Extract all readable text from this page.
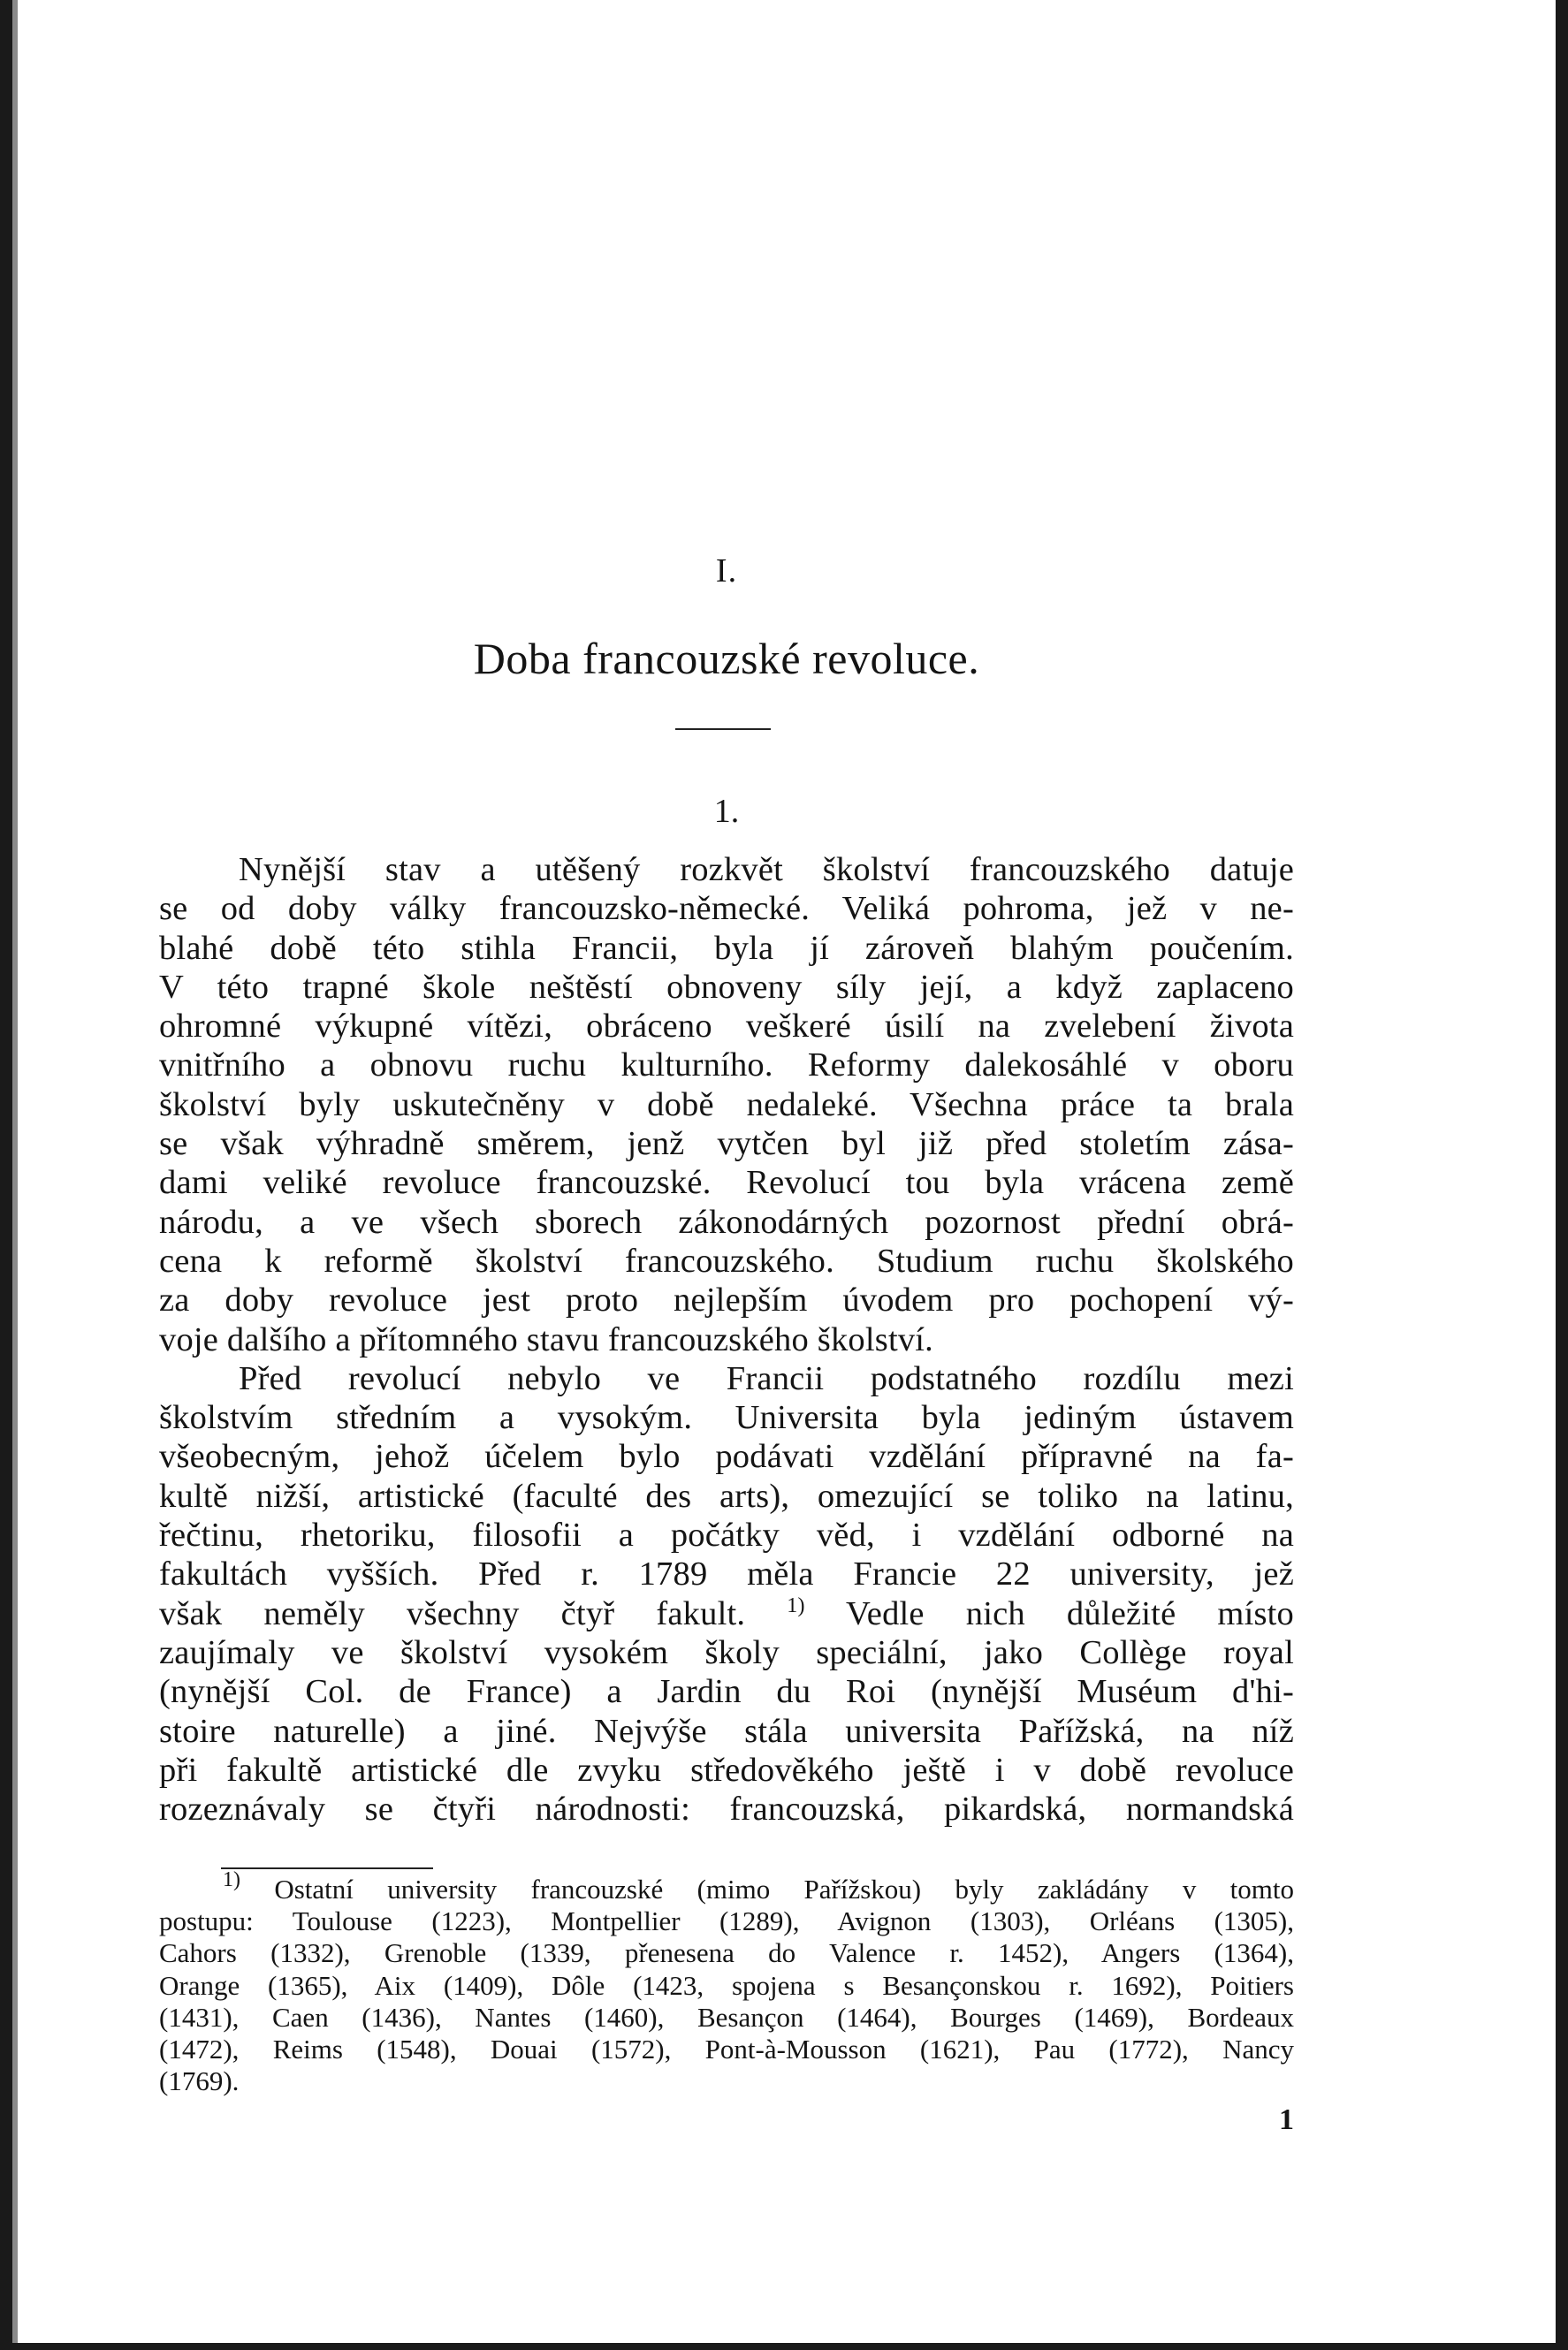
I.
Doba francouzské revoluce.
1.
Nynější stav a utěšený rozkvět školství francouzského datuje
se od doby války francouzsko-německé. Veliká pohroma, jež v ne-
blahé době této stihla Francii, byla jí zároveň blahým poučením.
V této trapné škole neštěstí obnoveny síly její, a když zaplaceno
ohromné výkupné vítězi, obráceno veškeré úsilí na zvelebení života
vnitřního a obnovu ruchu kulturního. Reformy dalekosáhlé v oboru
školství byly uskutečněny v době nedaleké. Všechna práce ta brala
se však výhradně směrem, jenž vytčen byl již před stoletím zása-
dami veliké revoluce francouzské. Revolucí tou byla vrácena země
národu, a ve všech sborech zákonodárných pozornost přední obrá-
cena k reformě školství francouzského. Studium ruchu školského
za doby revoluce jest proto nejlepším úvodem pro pochopení vý-
voje dalšího a přítomného stavu francouzského školství.
Před revolucí nebylo ve Francii podstatného rozdílu mezi
školstvím středním a vysokým. Universita byla jediným ústavem
všeobecným, jehož účelem bylo podávati vzdělání přípravné na fa-
kultě nižší, artistické (faculté des arts), omezující se toliko na latinu,
řečtinu, rhetoriku, filosofii a počátky věd, i vzdělání odborné na
fakultách vyšších. Před r. 1789 měla Francie 22 university, jež
však neměly všechny čtyř fakult. $^{1)}$ Vedle nich důležité místo
zaujímaly ve školství vysokém školy speciální, jako Collège royal
(nynější Col. de France) a Jardin du Roi (nynější Muséum d'hi-
stoire naturelle) a jiné. Nejvýše stála universita Pařížská, na níž
při fakultě artistické dle zvyku středověkého ještě i v době revoluce
rozeznávaly se čtyři národnosti: francouzská, pikardská, normandská
$^{1)}$ Ostatní university francouzské (mimo Pařížskou) byly zakládány v tomto
postupu: Toulouse (1223), Montpellier (1289), Avignon (1303), Orléans (1305),
Cahors (1332), Grenoble (1339, přenesena do Valence r. 1452), Angers (1364),
Orange (1365), Aix (1409), Dôle (1423, spojena s Besançonskou r. 1692), Poitiers
(1431), Caen (1436), Nantes (1460), Besançon (1464), Bourges (1469), Bordeaux
(1472), Reims (1548), Douai (1572), Pont-à-Mousson (1621), Pau (1772), Nancy
(1769).
1
